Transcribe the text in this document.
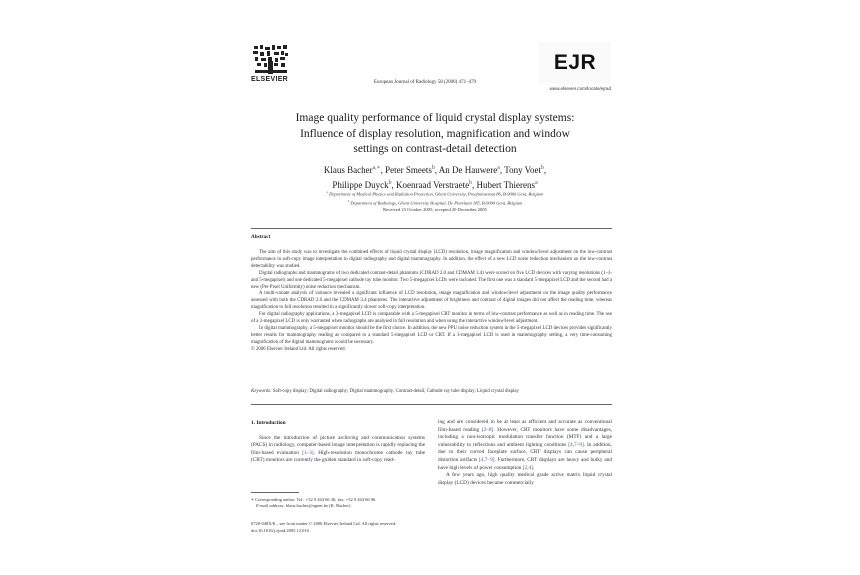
ELSEVIER	European Journal of Radiology 58 (2006) 471–479
EJR
www.elsevier.com/locate/ejrad
Image quality performance of liquid crystal display systems:
Influence of display resolution, magnification and window
settings on contrast-detail detection
Klaus Bacher$^{a,∗}$, Peter Smeets$^b$, An De Hauwere$^a$, Tony Voet$^b$,
Philippe Duyck$^b$, Koenraad Verstraete$^b$, Hubert Thierens$^a$
$^a$ Department of Medical Physics and Radiation Protection, Ghent University, Proeftuinstraat 86, B-9000 Gent, Belgium
$^b$ Department of Radiology, Ghent University Hospital, De Pintelaan 185, B-9000 Gent, Belgium
Received 23 October 2005; accepted 20 December 2005
Abstract

The aim of this study was to investigate the combined effects of liquid crystal display (LCD) resolution, image magnification and window/level adjustment on the low-contrast performance in soft-copy image interpretation in digital radiography and digital mammography. In addition, the effect of a new LCD noise reduction mechanism on the low-contrast detectability was studied.

Digital radiographs and mammograms of two dedicated contrast-detail phantoms (CDRAD 2.0 and CDMAM 3.4) were scored on five LCD devices with varying resolutions (1–3- and 5-megapixel) and one dedicated 5-megapixel cathode ray tube monitor. Two 5-megapixel LCDs were included. The first one was a standard 5-megapixel LCD and the second had a new (Per Pixel Uniformity) noise reduction mechanism.

A multi-variate analysis of variance revealed a significant influence of LCD resolution, image magnification and window/level adjustment on the image quality performance assessed with both the CDRAD 2.0 and the CDMAM 3.4 phantoms. The interactive adjustment of brightness and contrast of digital images did not affect the reading time, whereas magnification to full resolution resulted in a significantly slower soft-copy interpretation.

For digital radiography applications, a 3-megapixel LCD is comparable with a 5-megapixel CRT monitor in terms of low-contrast performance as well as in reading time. The use of a 2-megapixel LCD is only warranted when radiographs are analysed in full resolution and when using the interactive window/level adjustment.

In digital mammography, a 5-megapixel monitor should be the first choice. In addition, the new PPU noise reduction system in the 5-megapixel LCD devices provides significantly better results for mammography reading as compared to a standard 5-megapixel LCD or CRT. If a 3-megapixel LCD is used in mammography setting, a very time-consuming magnification of the digital mammograms would be necessary.

© 2006 Elsevier Ireland Ltd. All rights reserved.

Keywords: Soft-copy display; Digital radiography; Digital mammography; Contrast-detail; Cathode ray tube display; Liquid crystal display
1. Introduction

Since the introduction of picture archiving and communication systems (PACS) in radiology, computer-based image interpretation is rapidly replacing the film-based evaluation [1–3]. High-resolution monochrome cathode ray tube (CRT) monitors are currently the golden standard in soft-copy read-

∗ Corresponding author. Tel.: +32 9 264 66 36; fax: +32 9 264 66 96.
E-mail address: klaus.bacher@ugent.be (K. Bacher).
0720-048X/$ – see front matter © 2006 Elsevier Ireland Ltd. All rights reserved.
doi:10.1016/j.ejrad.2005.12.016

ing and are considered to be at least as efficient and accurate as conventional film-based reading [2–8]. However, CRT monitors have some disadvantages, including a non-isotropic modulation transfer function (MTF) and a large vulnerability to reflections and ambient lighting conditions [4,7–9]. In addition, due to their curved faceplate surface, CRT displays can cause peripheral distortion artifacts [4,7–9]. Furthermore, CRT displays are heavy and bulky and have high levels of power consumption [2,4].

A few years ago, high quality medical grade active matrix liquid crystal display (LCD) devices became commercially
